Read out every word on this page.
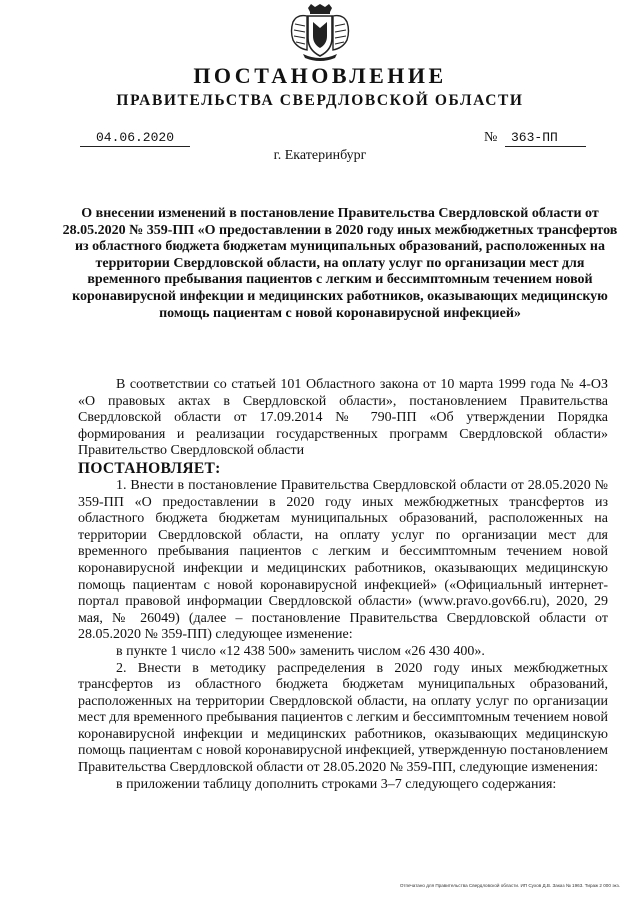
ПОСТАНОВЛЕНИЕ
ПРАВИТЕЛЬСТВА СВЕРДЛОВСКОЙ ОБЛАСТИ
04.06.2020	№	363-ПП
г. Екатеринбург
О внесении изменений в постановление Правительства Свердловской области от 28.05.2020 № 359-ПП «О предоставлении в 2020 году иных межбюджетных трансфертов из областного бюджета бюджетам муниципальных образований, расположенных на территории Свердловской области, на оплату услуг по организации мест для временного пребывания пациентов с легким и бессимптомным течением новой коронавирусной инфекции и медицинских работников, оказывающих медицинскую помощь пациентам с новой коронавирусной инфекцией»

В соответствии со статьей 101 Областного закона от 10 марта 1999 года № 4-ОЗ «О правовых актах в Свердловской области», постановлением Правительства Свердловской области от 17.09.2014 № 790-ПП «Об утверждении Порядка формирования и реализации государственных программ Свердловской области» Правительство Свердловской области

ПОСТАНОВЛЯЕТ:

1. Внести в постановление Правительства Свердловской области от 28.05.2020 № 359-ПП «О предоставлении в 2020 году иных межбюджетных трансфертов из областного бюджета бюджетам муниципальных образований, расположенных на территории Свердловской области, на оплату услуг по организации мест для временного пребывания пациентов с легким и бессимптомным течением новой коронавирусной инфекции и медицинских работников, оказывающих медицинскую помощь пациентам с новой коронавирусной инфекцией» («Официальный интернет-портал правовой информации Свердловской области» (www.pravo.gov66.ru), 2020, 29 мая, № 26049) (далее – постановление Правительства Свердловской области от 28.05.2020 № 359-ПП) следующее изменение:

в пункте 1 число «12 438 500» заменить числом «26 430 400».

2. Внести в методику распределения в 2020 году иных межбюджетных трансфертов из областного бюджета бюджетам муниципальных образований, расположенных на территории Свердловской области, на оплату услуг по организации мест для временного пребывания пациентов с легким и бессимптомным течением новой коронавирусной инфекции и медицинских работников, оказывающих медицинскую помощь пациентам с новой коронавирусной инфекцией, утвержденную постановлением Правительства Свердловской области от 28.05.2020 № 359-ПП, следующие изменения:

в приложении таблицу дополнить строками 3–7 следующего содержания:

Отпечатано для Правительства Свердловской области. ИП Сухов Д.В. Заказ № 1963. Тираж 2 000 экз.
